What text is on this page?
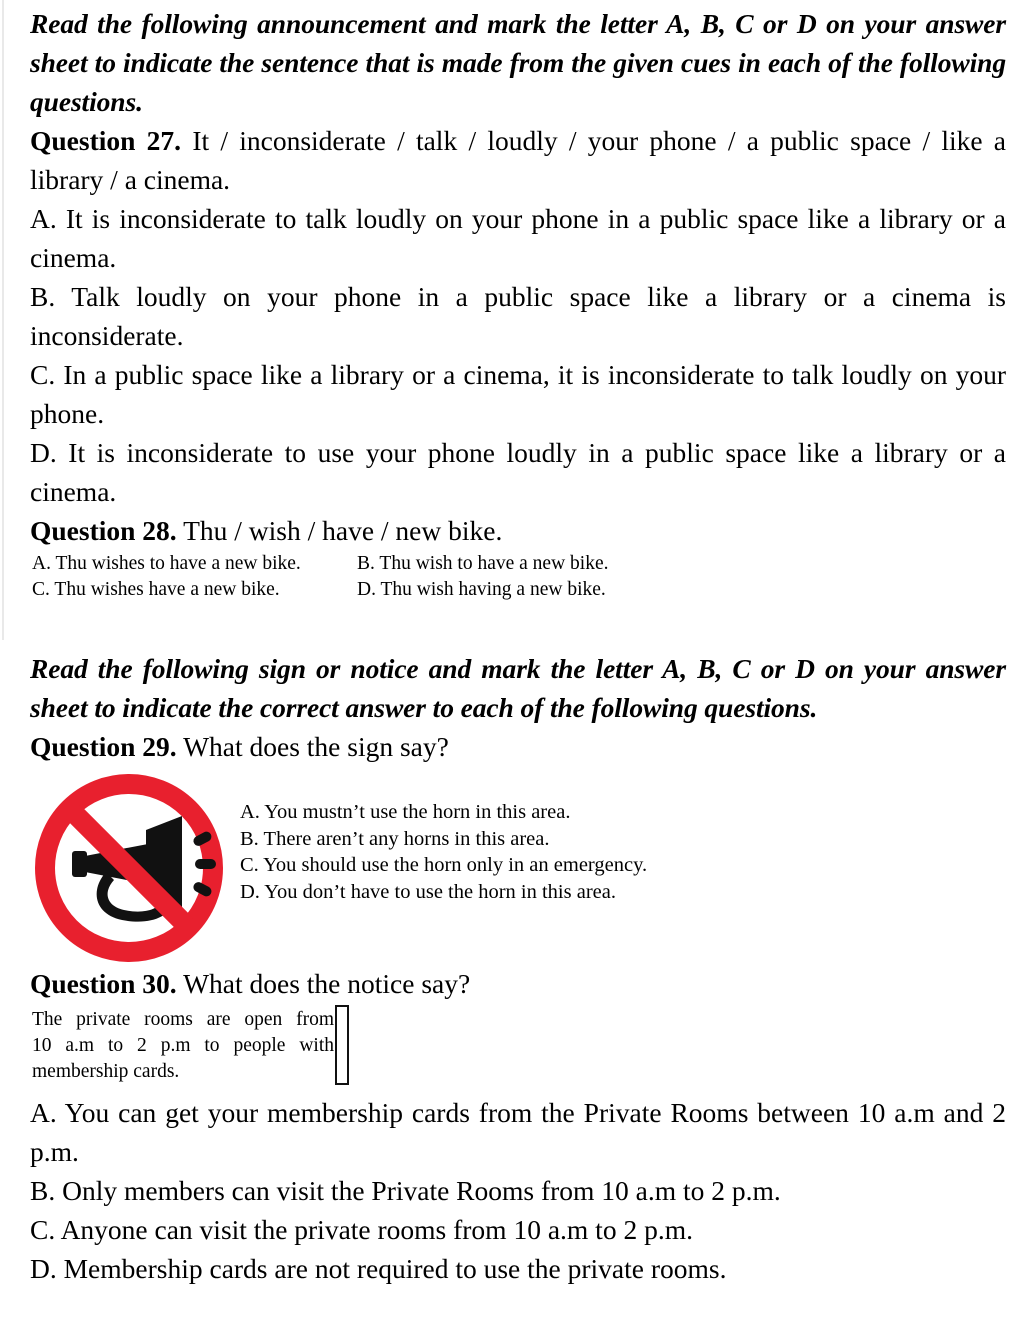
Read the following announcement and mark the letter A, B, C or D on your answer sheet to indicate the sentence that is made from the given cues in each of the following questions.

Question 27. It / inconsiderate / talk / loudly / your phone / a public space / like a library / a cinema.

A. It is inconsiderate to talk loudly on your phone in a public space like a library or a cinema.

B. Talk loudly on your phone in a public space like a library or a cinema is inconsiderate.

C. In a public space like a library or a cinema, it is inconsiderate to talk loudly on your phone.

D. It is inconsiderate to use your phone loudly in a public space like a library or a cinema.

Question 28. Thu / wish / have / new bike.

A. Thu wishes to have a new bike.	B. Thu wish to have a new bike.
C. Thu wishes have a new bike.	D. Thu wish having a new bike.

Read the following sign or notice and mark the letter A, B, C or D on your answer sheet to indicate the correct answer to each of the following questions.

Question 29. What does the sign say?

A. You mustn’t use the horn in this area.
B. There aren’t any horns in this area.
C. You should use the horn only in an emergency.
D. You don’t have to use the horn in this area.

Question 30. What does the notice say?

The private rooms are open from
10 a.m to 2 p.m to people with
membership cards.

A. You can get your membership cards from the Private Rooms between 10 a.m and 2 p.m.

B. Only members can visit the Private Rooms from 10 a.m to 2 p.m.

C. Anyone can visit the private rooms from 10 a.m to 2 p.m.

D. Membership cards are not required to use the private rooms.
